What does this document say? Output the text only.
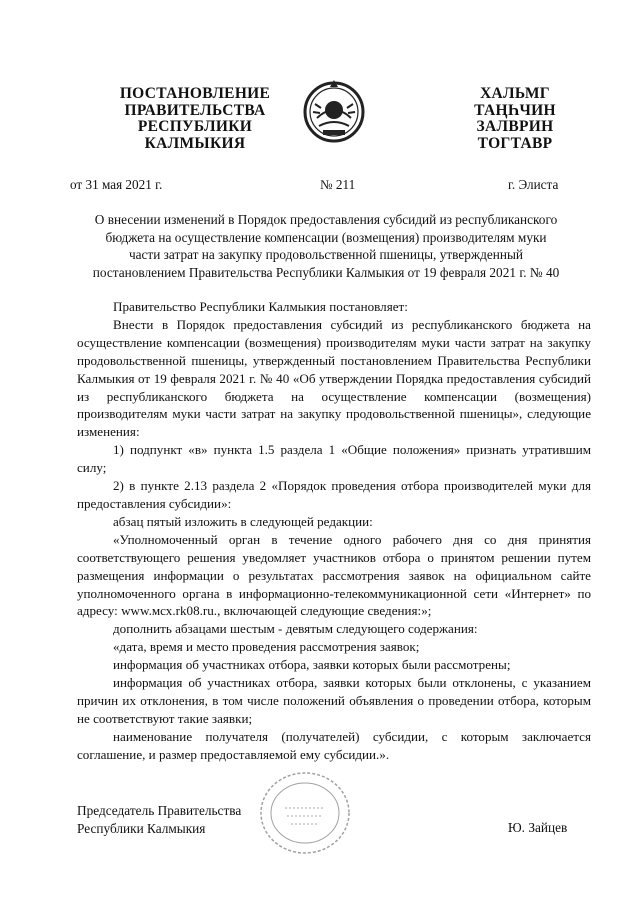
ПОСТАНОВЛЕНИЕ
ПРАВИТЕЛЬСТВА
РЕСПУБЛИКИ
КАЛМЫКИЯ
ХАЛЬМГ
ТАҢҺЧИН
ЗАЛВРИН
ТОГТАВР
от 31 мая 2021 г.	№ 211	г. Элиста
О внесении изменений в Порядок предоставления субсидий из республиканского
бюджета на осуществление компенсации (возмещения) производителям муки
части затрат на закупку продовольственной пшеницы, утвержденный
постановлением Правительства Республики Калмыкия от 19 февраля 2021 г. № 40

Правительство Республики Калмыкия постановляет:

Внести в Порядок предоставления субсидий из республиканского бюджета на осуществление компенсации (возмещения) производителям муки части затрат на закупку продовольственной пшеницы, утвержденный постановлением Правительства Республики Калмыкия от 19 февраля 2021 г. № 40 «Об утверждении Порядка предоставления субсидий из республиканского бюджета на осуществление компенсации (возмещения) производителям муки части затрат на закупку продовольственной пшеницы», следующие изменения:

1) подпункт «в» пункта 1.5 раздела 1 «Общие положения» признать утратившим силу;

2) в пункте 2.13 раздела 2 «Порядок проведения отбора производителей муки для предоставления субсидии»:

абзац пятый изложить в следующей редакции:

«Уполномоченный орган в течение одного рабочего дня со дня принятия соответствующего решения уведомляет участников отбора о принятом решении путем размещения информации о результатах рассмотрения заявок на официальном сайте уполномоченного органа в информационно-телекоммуникационной сети «Интернет» по адресу: www.мсх.rk08.ru., включающей следующие сведения:»;

дополнить абзацами шестым - девятым следующего содержания:

«дата, время и место проведения рассмотрения заявок;

информация об участниках отбора, заявки которых были рассмотрены;

информация об участниках отбора, заявки которых были отклонены, с указанием причин их отклонения, в том числе положений объявления о проведении отбора, которым не соответствуют такие заявки;

наименование получателя (получателей) субсидии, с которым заключается соглашение, и размер предоставляемой ему субсидии.».

Председатель Правительства
Республики Калмыкия	Ю. Зайцев
